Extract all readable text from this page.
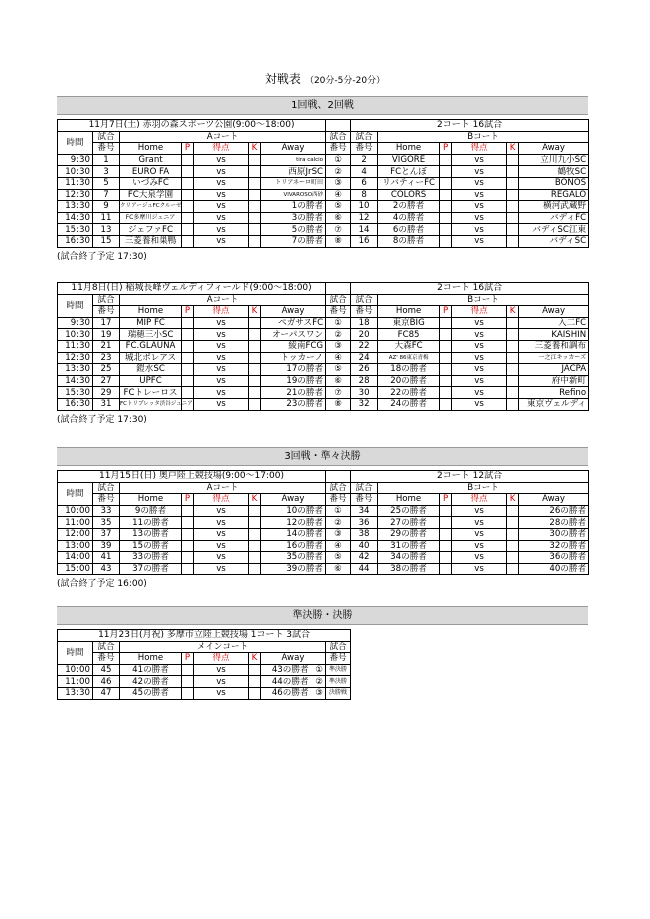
対戦表 （20分-5分-20分）
1回戦、2回戦
11月7日(土) 赤羽の森スポーツ公園(9:00～18:00)								2コート 16試合					
時間	試合	Aコート					試合	試合	Bコート				
	番号	Home	P	得点	K	Away	番号	番号	Home	P	得点	K	Away
9:30	1	Grant		vs		tira calcio	①	2	VIGORE		vs		立川九小SC
10:30	3	EURO FA		vs		西原JrSC	②	4	FCとんぼ		vs		鶴牧SC
11:30	5	いづみFC		vs		トリアネーロ町田	③	6	リバティーFC		vs		BONOS
12:30	7	FC大泉学園		vs		VIVAROSO西砂	④	8	COLORS		vs		REGALO
13:30	9	クリアージュFCクルーゼ		vs		1の勝者	⑤	10	2の勝者		vs		横河武蔵野
14:30	11	FC多摩川ジュニア		vs		3の勝者	⑥	12	4の勝者		vs		バディFC
15:30	13	ジェファFC		vs		5の勝者	⑦	14	6の勝者		vs		バディSC江東
16:30	15	三菱養和巣鴨		vs		7の勝者	⑧	16	8の勝者		vs		バディSC
(試合終了予定 17:30)
11月8日(日) 稲城長峰ヴェルディフィールド(9:00～18:00)								2コート 16試合					
時間	試合	Aコート					試合	試合	Bコート				
	番号	Home	P	得点	K	Away	番号	番号	Home	P	得点	K	Away
9:30	17	MIP FC		vs		ペガサスFC	①	18	東京BIG		vs		入二FC
10:30	19	瑞穂三小SC		vs		オーパスワン	②	20	FC85		vs		KAISHIN
11:30	21	FC.GLAUNA		vs		綾南FCG	③	22	大森FC		vs		三菱養和調布
12:30	23	城北ボレアス		vs		トッカーノ	④	24	AZ' 86東京青梅		vs		一之江キッカーズ
13:30	25	鎧水SC		vs		17の勝者	⑤	26	18の勝者		vs		JACPA
14:30	27	UPFC		vs		19の勝者	⑥	28	20の勝者		vs		府中新町
15:30	29	FCトレーロス		vs		21の勝者	⑦	30	22の勝者		vs		Refino
16:30	31	FCトリプレッタ渋谷ジュニア		vs		23の勝者	⑧	32	24の勝者		vs		東京ヴェルディ
(試合終了予定 17:30)
3回戦・準々決勝
11月15日(日) 奥戸陸上競技場(9:00～17:00)								2コート 12試合					
時間	試合	Aコート					試合	試合	Bコート				
	番号	Home	P	得点	K	Away	番号	番号	Home	P	得点	K	Away
10:00	33	9の勝者		vs		10の勝者	①	34	25の勝者		vs		26の勝者
11:00	35	11の勝者		vs		12の勝者	②	36	27の勝者		vs		28の勝者
12:00	37	13の勝者		vs		14の勝者	③	38	29の勝者		vs		30の勝者
13:00	39	15の勝者		vs		16の勝者	④	40	31の勝者		vs		32の勝者
14:00	41	33の勝者		vs		35の勝者	⑤	42	34の勝者		vs		36の勝者
15:00	43	37の勝者		vs		39の勝者	⑥	44	38の勝者		vs		40の勝者
(試合終了予定 16:00)
準決勝・決勝
11月23日(月祝) 多摩市立陸上競技場 1コート 3試合							
時間	試合	メインコート					試合
	番号	Home	P	得点	K	Away	番号
10:00	45	41の勝者		vs		43の勝者 ①	準決勝
11:00	46	42の勝者		vs		44の勝者 ②	準決勝
13:30	47	45の勝者		vs		46の勝者 ③	決勝戦
